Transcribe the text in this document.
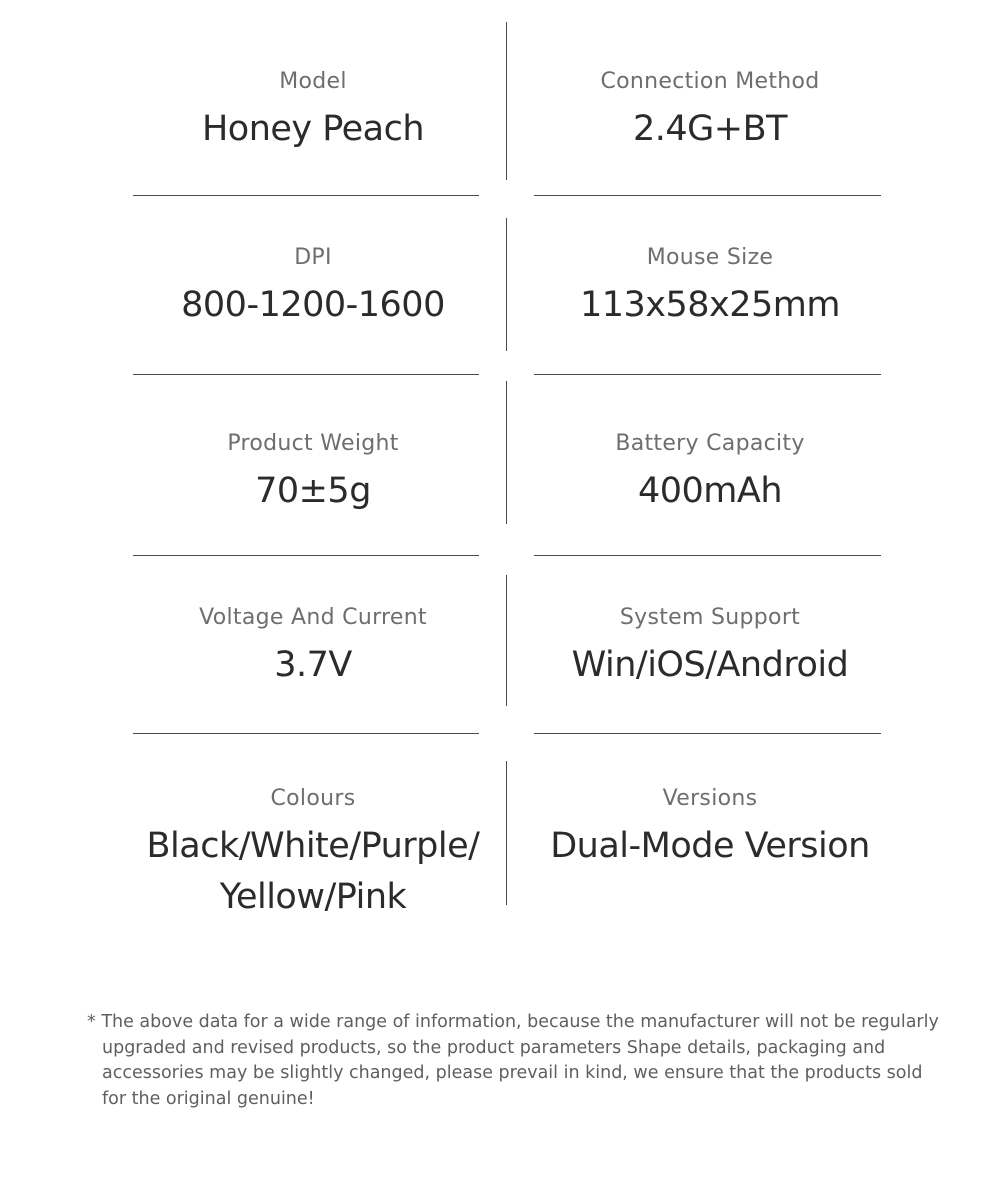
Model
Honey Peach
Connection Method
2.4G+BT
DPI
800-1200-1600
Mouse Size
113x58x25mm
Product Weight
70±5g
Battery Capacity
400mAh
Voltage And Current
3.7V
System Support
Win/iOS/Android
Colours
Black/White/Purple/
Yellow/Pink
Versions
Dual-Mode Version
* The above data for a wide range of information, because the manufacturer will not be regularly upgraded and revised products, so the product parameters Shape details, packaging and accessories may be slightly changed, please prevail in kind, we ensure that the products sold for the original genuine!
